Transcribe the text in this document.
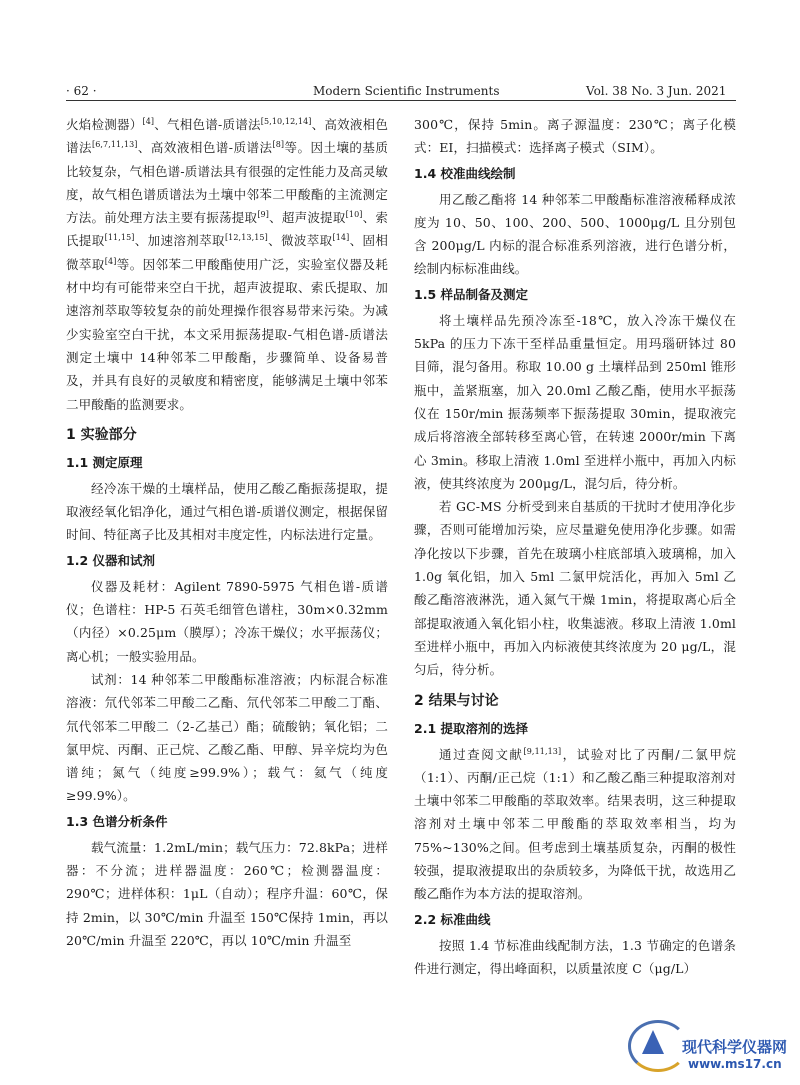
· 62 ·	Modern Scientific Instruments	Vol. 38 No. 3 Jun. 2021

火焰检测器）[4]、气相色谱-质谱法[5,10,12,14]、高效液相色谱法[6,7,11,13]、高效液相色谱-质谱法[8]等。因土壤的基质比较复杂，气相色谱-质谱法具有很强的定性能力及高灵敏度，故气相色谱质谱法为土壤中邻苯二甲酸酯的主流测定方法。前处理方法主要有振荡提取[9]、超声波提取[10]、索氏提取[11,15]、加速溶剂萃取[12,13,15]、微波萃取[14]、固相微萃取[4]等。因邻苯二甲酸酯使用广泛，实验室仪器及耗材中均有可能带来空白干扰，超声波提取、索氏提取、加速溶剂萃取等较复杂的前处理操作很容易带来污染。为减少实验室空白干扰，本文采用振荡提取-气相色谱-质谱法测定土壤中 14种邻苯二甲酸酯，步骤简单、设备易普及，并具有良好的灵敏度和精密度，能够满足土壤中邻苯二甲酸酯的监测要求。

1 实验部分
1.1 测定原理

经冷冻干燥的土壤样品，使用乙酸乙酯振荡提取，提取液经氧化铝净化，通过气相色谱-质谱仪测定，根据保留时间、特征离子比及其相对丰度定性，内标法进行定量。

1.2 仪器和试剂

仪器及耗材：Agilent 7890-5975 气相色谱-质谱仪；色谱柱：HP-5 石英毛细管色谱柱，30m×0.32mm（内径）×0.25μm（膜厚）；冷冻干燥仪；水平振荡仪；离心机；一般实验用品。

试剂：14 种邻苯二甲酸酯标准溶液；内标混合标准溶液：氘代邻苯二甲酸二乙酯、氘代邻苯二甲酸二丁酯、氘代邻苯二甲酸二（2-乙基己）酯；硫酸钠；氧化铝；二氯甲烷、丙酮、正己烷、乙酸乙酯、甲醇、异辛烷均为色谱纯；氮气（纯度≥99.9%）；载气：氦气（纯度≥99.9%）。

1.3 色谱分析条件

载气流量：1.2mL/min；载气压力：72.8kPa；进样器：不分流；进样器温度：260℃；检测器温度：290℃；进样体积：1μL（自动）；程序升温：60℃，保持 2min，以 30℃/min 升温至 150℃保持 1min，再以 20℃/min 升温至 220℃，再以 10℃/min 升温至

300℃，保持 5min。离子源温度：230℃；离子化模式：EI，扫描模式：选择离子模式（SIM）。

1.4 校准曲线绘制

用乙酸乙酯将 14 种邻苯二甲酸酯标准溶液稀释成浓度为 10、50、100、200、500、1000μg/L 且分别包含 200μg/L 内标的混合标准系列溶液，进行色谱分析，绘制内标标准曲线。

1.5 样品制备及测定

将土壤样品先预冷冻至-18℃，放入冷冻干燥仪在 5kPa 的压力下冻干至样品重量恒定。用玛瑙研钵过 80 目筛，混匀备用。称取 10.00 g 土壤样品到 250ml 锥形瓶中，盖紧瓶塞，加入 20.0ml 乙酸乙酯，使用水平振荡仪在 150r/min 振荡频率下振荡提取 30min，提取液完成后将溶液全部转移至离心管，在转速 2000r/min 下离心 3min。移取上清液 1.0ml 至进样小瓶中，再加入内标液，使其终浓度为 200μg/L，混匀后，待分析。

若 GC-MS 分析受到来自基质的干扰时才使用净化步骤，否则可能增加污染，应尽量避免使用净化步骤。如需净化按以下步骤，首先在玻璃小柱底部填入玻璃棉，加入 1.0g 氧化铝，加入 5ml 二氯甲烷活化，再加入 5ml 乙酸乙酯溶液淋洗，通入氮气干燥 1min，将提取离心后全部提取液通入氧化铝小柱，收集滤液。移取上清液 1.0ml 至进样小瓶中，再加入内标液使其终浓度为 20 μg/L，混匀后，待分析。

2 结果与讨论
2.1 提取溶剂的选择

通过查阅文献[9,11,13]，试验对比了丙酮/二氯甲烷（1:1）、丙酮/正己烷（1:1）和乙酸乙酯三种提取溶剂对土壤中邻苯二甲酸酯的萃取效率。结果表明，这三种提取溶剂对土壤中邻苯二甲酸酯的萃取效率相当，均为 75%~130%之间。但考虑到土壤基质复杂，丙酮的极性较强，提取液提取出的杂质较多，为降低干扰，故选用乙酸乙酯作为本方法的提取溶剂。

2.2 标准曲线

按照 1.4 节标准曲线配制方法，1.3 节确定的色谱条件进行测定，得出峰面积，以质量浓度 C（μg/L）

现代科学仪器网
www.ms17.cn
